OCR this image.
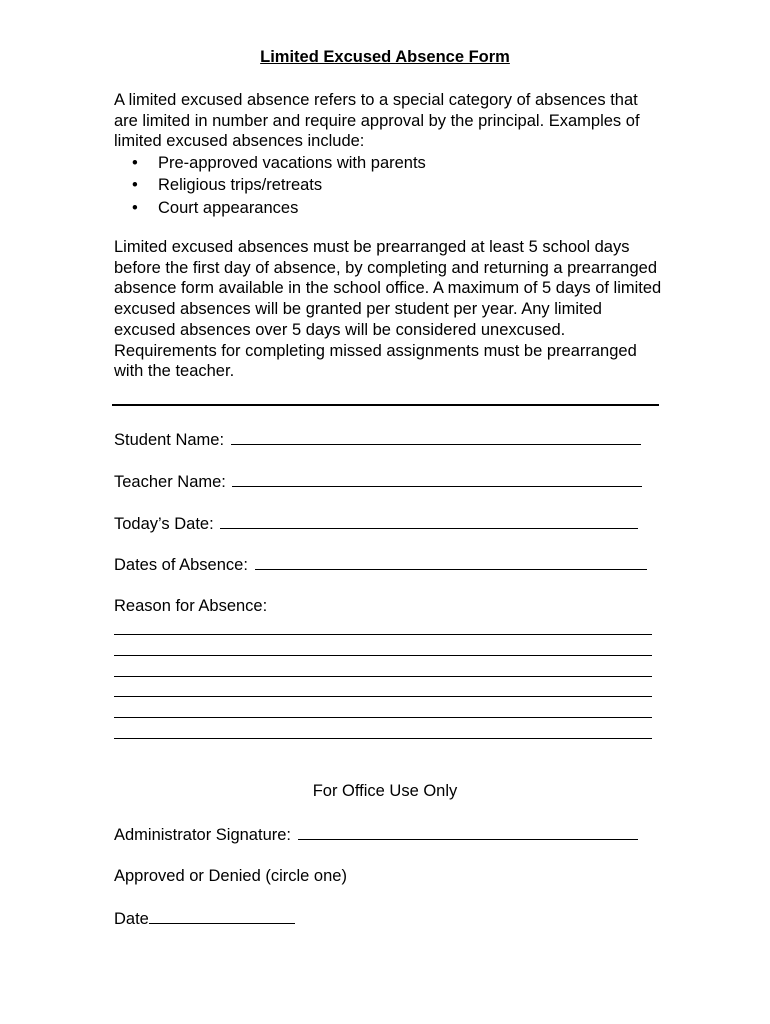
Limited Excused Absence Form
A limited excused absence refers to a special category of absences that are limited in number and require approval by the principal. Examples of limited excused absences include:
• Pre-approved vacations with parents
• Religious trips/retreats
• Court appearances
Limited excused absences must be prearranged at least 5 school days before the first day of absence, by completing and returning a prearranged absence form available in the school office. A maximum of 5 days of limited excused absences will be granted per student per year. Any limited excused absences over 5 days will be considered unexcused. Requirements for completing missed assignments must be prearranged with the teacher.
Student Name:
Teacher Name:
Today’s Date:
Dates of Absence:
Reason for Absence:
For Office Use Only
Administrator Signature:
Approved or Denied (circle one)
Date
